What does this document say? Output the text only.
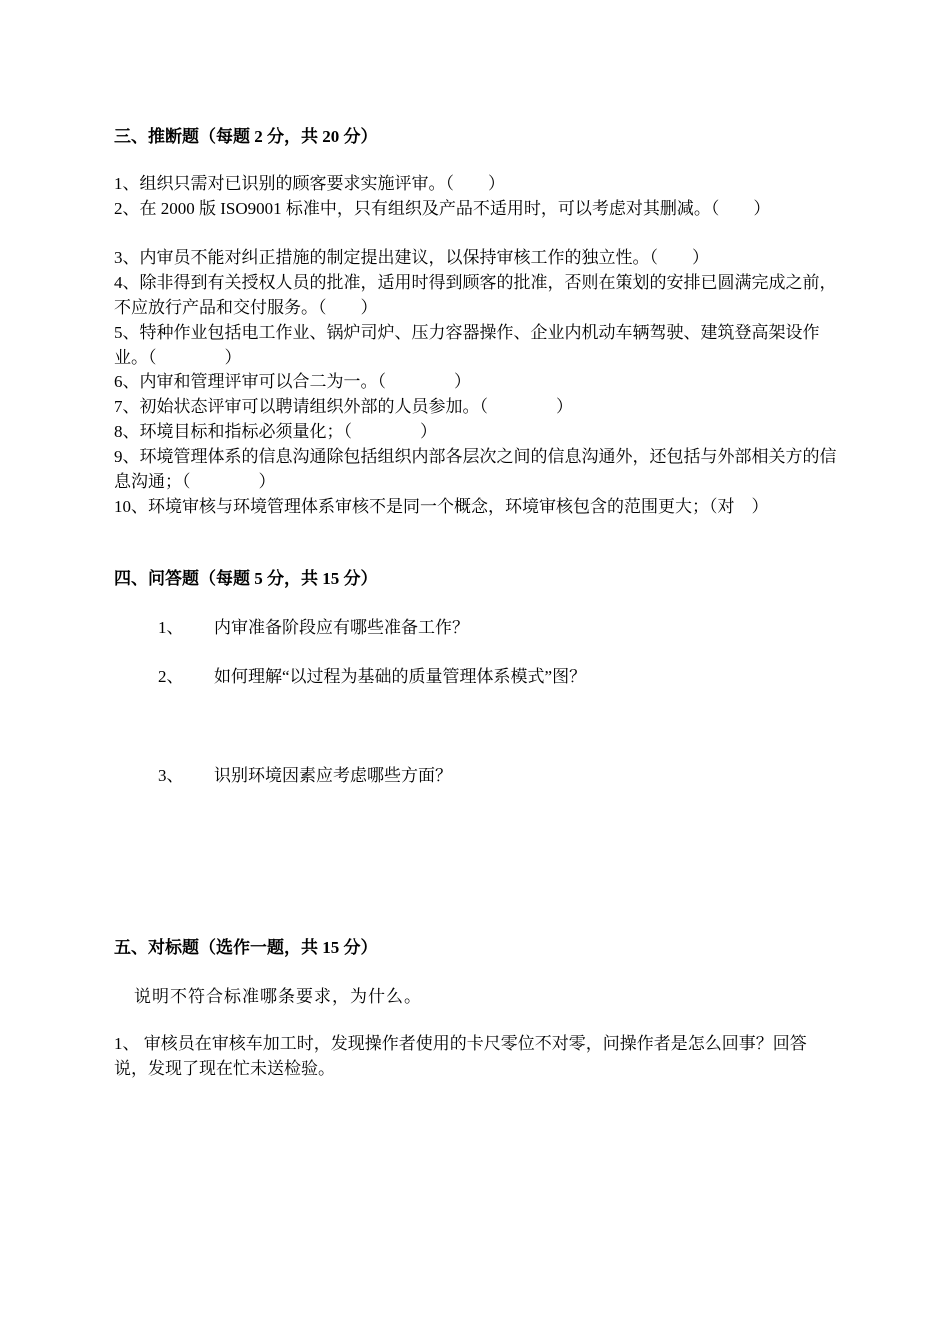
三、推断题（每题 2 分，共 20 分）
1、组织只需对已识别的顾客要求实施评审。（　　）
2、在 2000 版 ISO9001 标准中，只有组织及产品不适用时，可以考虑对其删减。（　　）
3、内审员不能对纠正措施的制定提出建议，以保持审核工作的独立性。（　　）
4、除非得到有关授权人员的批准，适用时得到顾客的批准，否则在策划的安排已圆满完成之前，不应放行产品和交付服务。（　　）
5、特种作业包括电工作业、锅炉司炉、压力容器操作、企业内机动车辆驾驶、建筑登高架设作业。（　　　　）
6、内审和管理评审可以合二为一。（　　　　）
7、初始状态评审可以聘请组织外部的人员参加。（　　　　）
8、环境目标和指标必须量化；（　　　　）
9、环境管理体系的信息沟通除包括组织内部各层次之间的信息沟通外，还包括与外部相关方的信息沟通；（　　　　）
10、环境审核与环境管理体系审核不是同一个概念，环境审核包含的范围更大；（对　）
四、问答题（每题 5 分，共 15 分）
1、 内审准备阶段应有哪些准备工作？
2、 如何理解“以过程为基础的质量管理体系模式”图？
3、 识别环境因素应考虑哪些方面？
五、对标题（选作一题，共 15 分）
说明不符合标准哪条要求，为什么。
1、 审核员在审核车加工时，发现操作者使用的卡尺零位不对零，问操作者是怎么回事？回答说，发现了现在忙未送检验。
